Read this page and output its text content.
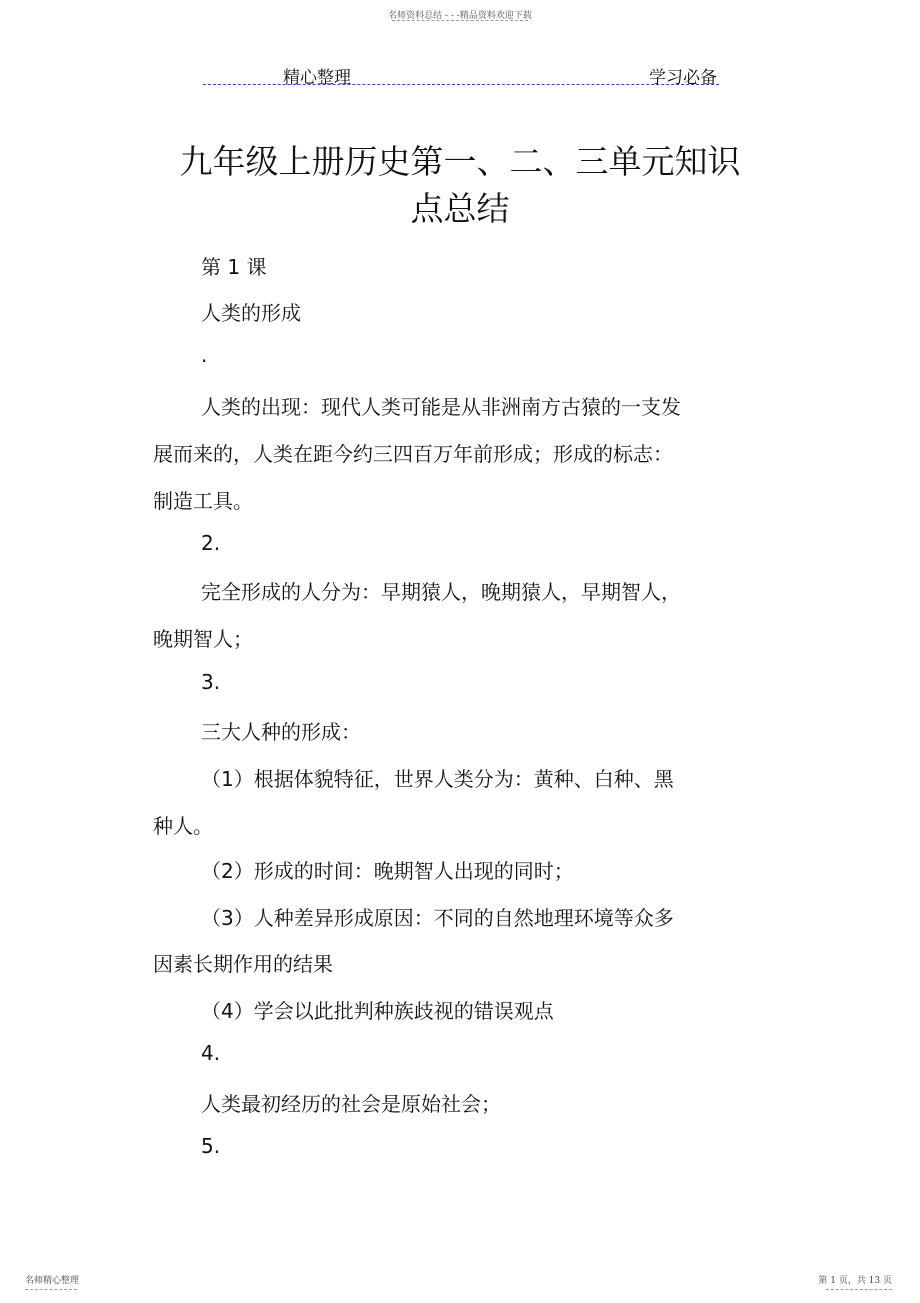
名师资料总结 - - -精品资料欢迎下载
精心整理	学习必备
九年级上册历史第一、二、三单元知识
点总结
第 1 课
人类的形成
.
人类的出现：现代人类可能是从非洲南方古猿的一支发
展而来的，人类在距今约三四百万年前形成；形成的标志：
制造工具。
2.
完全形成的人分为：早期猿人，晚期猿人，早期智人，
晚期智人；
3.
三大人种的形成：
（1）根据体貌特征，世界人类分为：黄种、白种、黑
种人。
（2）形成的时间：晚期智人出现的同时；
（3）人种差异形成原因：不同的自然地理环境等众多
因素长期作用的结果
（4）学会以此批判种族歧视的错误观点
4.
人类最初经历的社会是原始社会；
5.
名师精心整理	第 1 页，共 13 页
